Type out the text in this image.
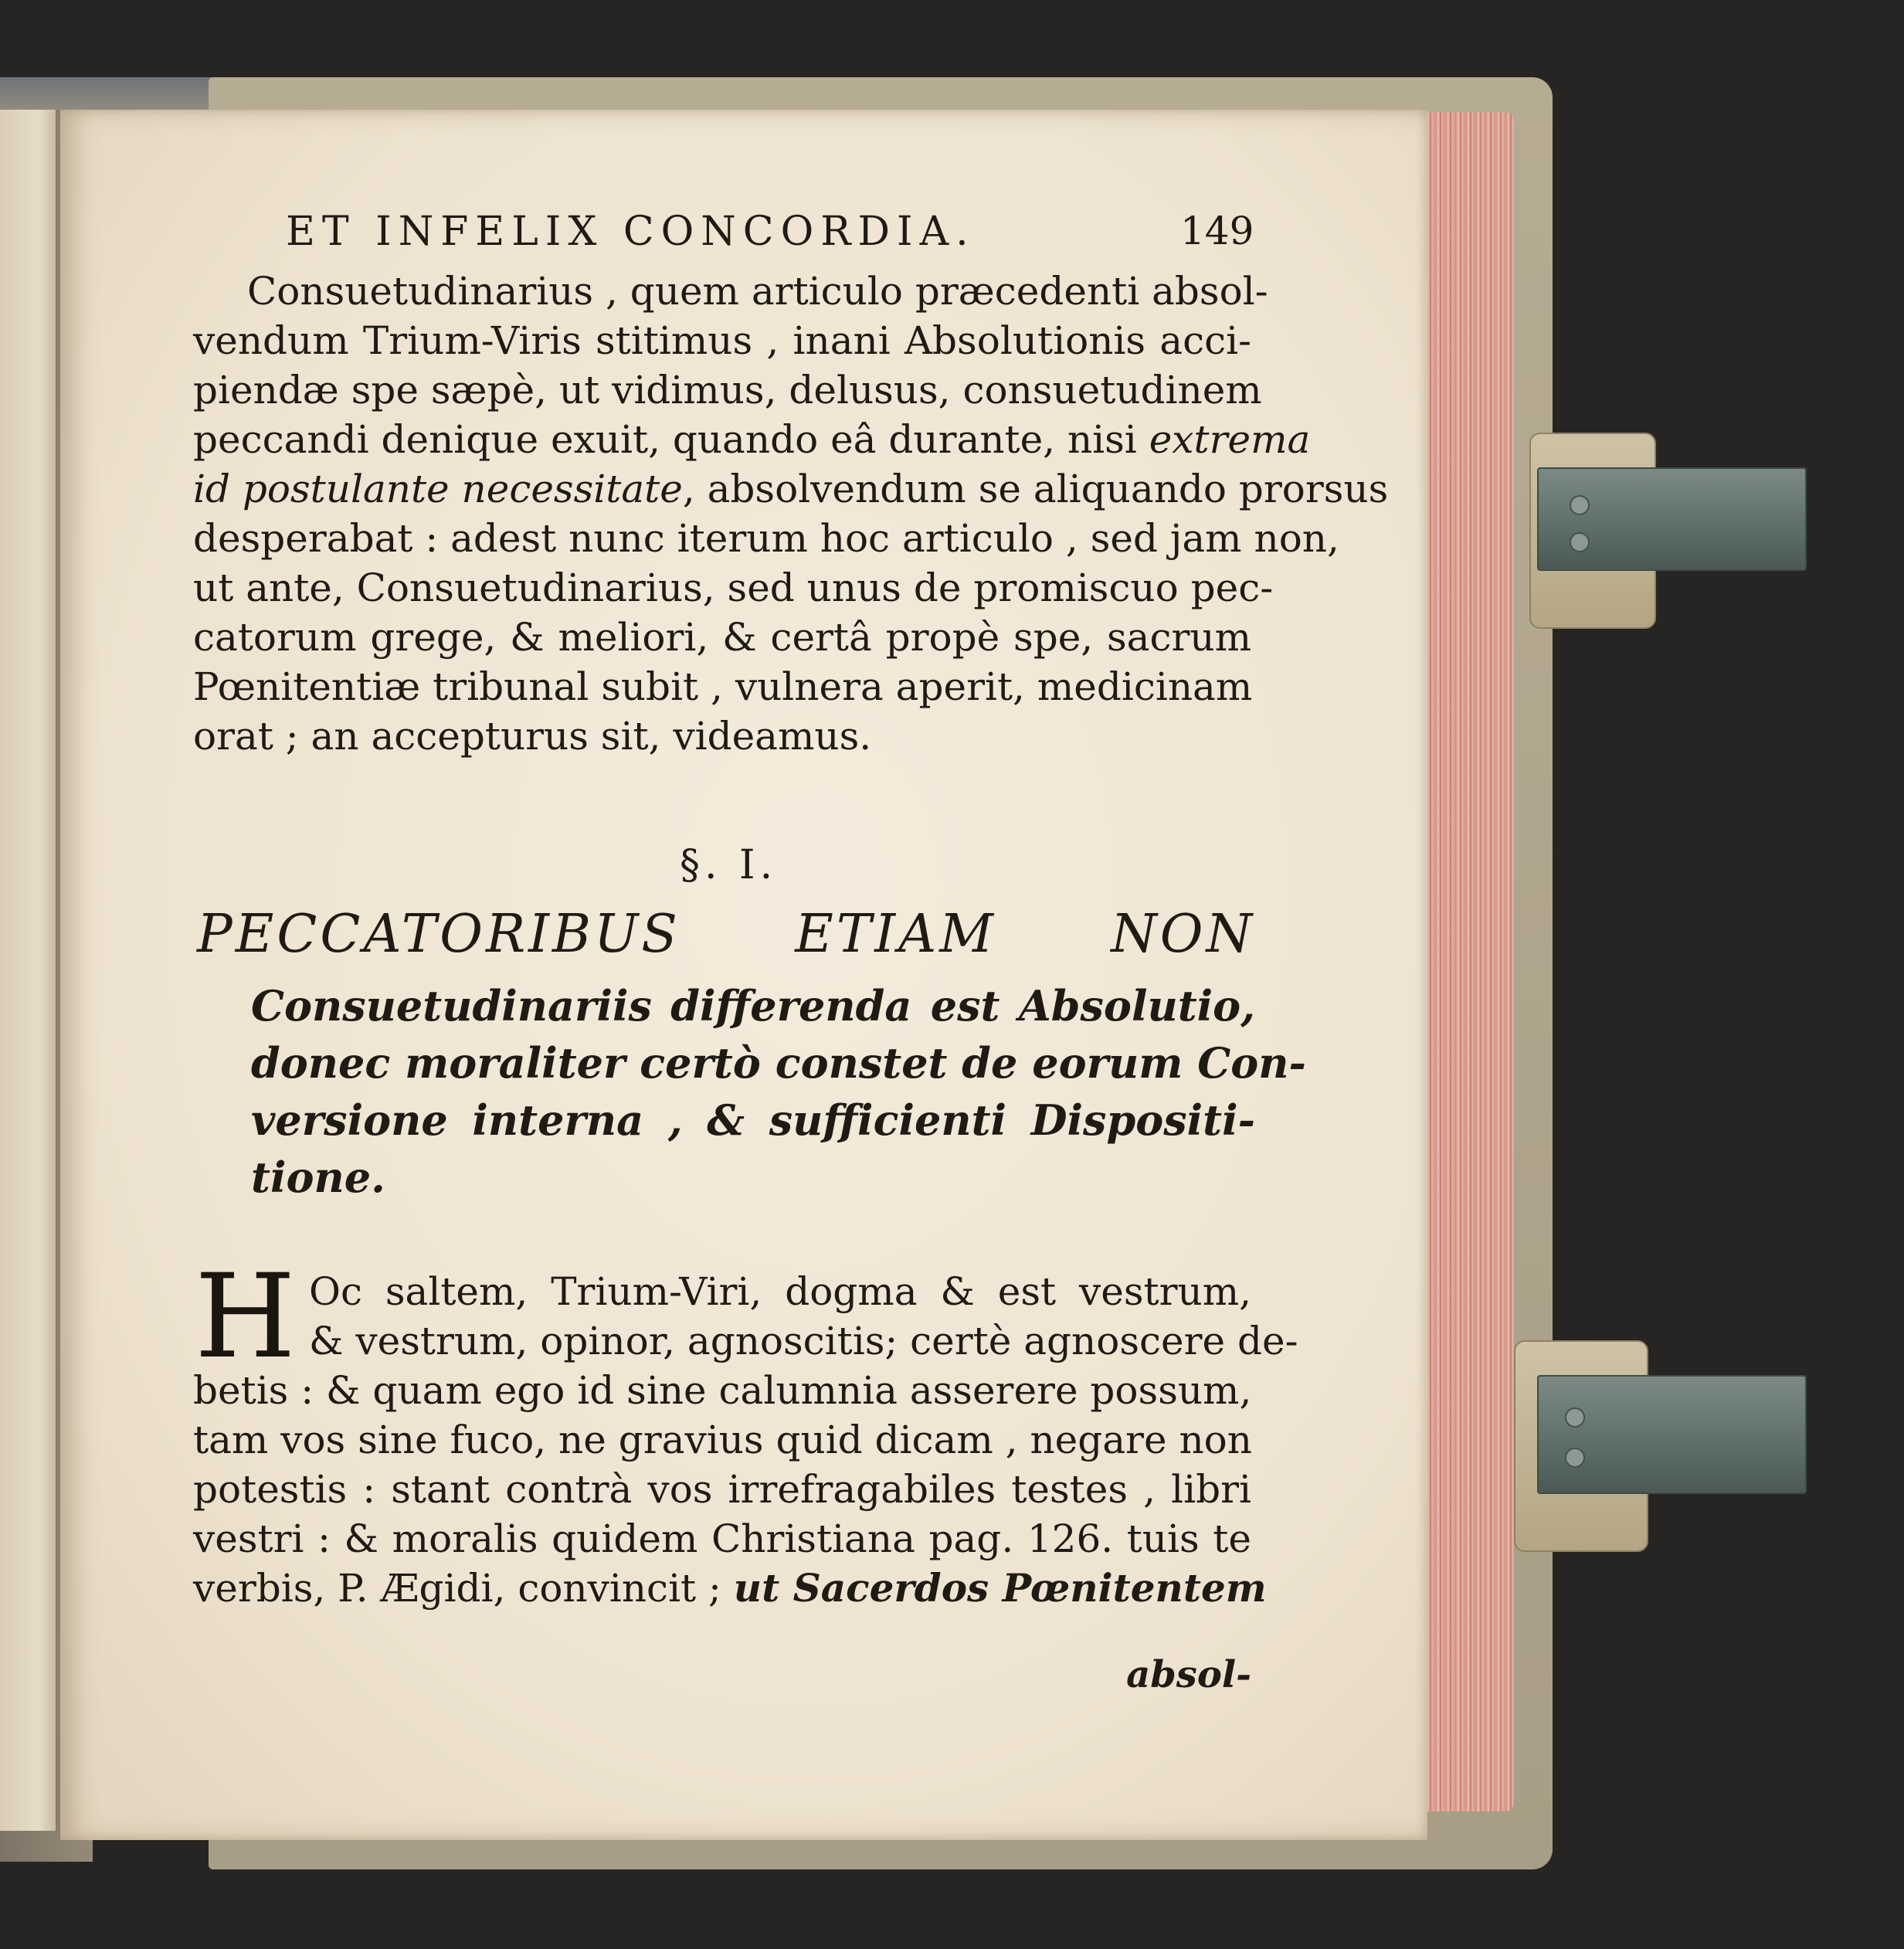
ET INFELIX CONCORDIA.	149
Consuetudinarius , quem articulo præcedenti absol-
vendum Trium-Viris stitimus , inani Absolutionis acci-
piendæ spe sæpè, ut vidimus, delusus, consuetudinem
peccandi denique exuit, quando eâ durante, nisi extrema
id postulante necessitate, absolvendum se aliquando prorsus
desperabat : adest nunc iterum hoc articulo , sed jam non,
ut ante, Consuetudinarius, sed unus de promiscuo pec-
catorum grege, & meliori, & certâ propè spe, sacrum
Pœnitentiæ tribunal subit , vulnera aperit, medicinam
orat ; an accepturus sit, videamus.
§. I.
PECCATORIBUS ETIAM NON
Consuetudinariis differenda est Absolutio,
donec moraliter certò constet de eorum Con-
versione interna , & sufficienti Dispositi-
tione.
H Oc saltem, Trium-Viri, dogma & est vestrum,
& vestrum, opinor, agnoscitis; certè agnoscere de-
betis : & quam ego id sine calumnia asserere possum,
tam vos sine fuco, ne gravius quid dicam , negare non
potestis : stant contrà vos irrefragabiles testes , libri
vestri : & moralis quidem Christiana pag. 126. tuis te
verbis, P. Ægidi, convincit ; ut Sacerdos Pœnitentem
absol-
